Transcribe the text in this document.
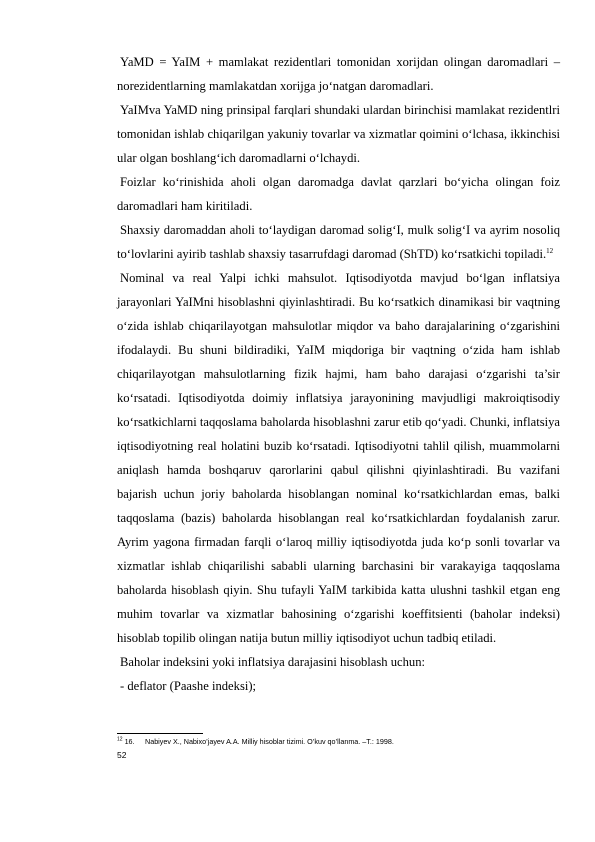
YaMD = YaIM + mamlakat rezidentlari tomonidan xorijdan olingan daromadlari – norezidentlarning mamlakatdan xorijga jo‘natgan daromadlari.

YaIMva YaMD ning prinsipal farqlari shundaki ulardan birinchisi mamlakat rezidentlri tomonidan ishlab chiqarilgan yakuniy tovarlar va xizmatlar qoimini o‘lchasa, ikkinchisi ular olgan boshlang‘ich daromadlarni o‘lchaydi.

Foizlar ko‘rinishida aholi olgan daromadga davlat qarzlari bo‘yicha olingan foiz daromadlari ham kiritiladi.

Shaxsiy daromaddan aholi to‘laydigan daromad solig‘I, mulk solig‘I va ayrim nosoliq to‘lovlarini ayirib tashlab shaxsiy tasarrufdagi daromad (ShTD) ko‘rsatkichi topiladi.$^{12}$

Nominal va real Yalpi ichki mahsulot. Iqtisodiyotda mavjud bo‘lgan inflatsiya jarayonlari YaIMni hisoblashni qiyinlashtiradi. Bu ko‘rsatkich dinamikasi bir vaqtning o‘zida ishlab chiqarilayotgan mahsulotlar miqdor va baho darajalarining o‘zgarishini ifodalaydi. Bu shuni bildiradiki, YaIM miqdoriga bir vaqtning o‘zida ham ishlab chiqarilayotgan mahsulotlarning fizik hajmi, ham baho darajasi o‘zgarishi ta’sir ko‘rsatadi. Iqtisodiyotda doimiy inflatsiya jarayonining mavjudligi makroiqtisodiy ko‘rsatkichlarni taqqoslama baholarda hisoblashni zarur etib qo‘yadi. Chunki, inflatsiya iqtisodiyotning real holatini buzib ko‘rsatadi. Iqtisodiyotni tahlil qilish, muammolarni aniqlash hamda boshqaruv qarorlarini qabul qilishni qiyinlashtiradi. Bu vazifani bajarish uchun joriy baholarda hisoblangan nominal ko‘rsatkichlardan emas, balki taqqoslama (bazis) baholarda hisoblangan real ko‘rsatkichlardan foydalanish zarur. Ayrim yagona firmadan farqli o‘laroq milliy iqtisodiyotda juda ko‘p sonli tovarlar va xizmatlar ishlab chiqarilishi sababli ularning barchasini bir varakayiga taqqoslama baholarda hisoblash qiyin. Shu tufayli YaIM tarkibida katta ulushni tashkil etgan eng muhim tovarlar va xizmatlar bahosining o‘zgarishi koeffitsienti (baholar indeksi) hisoblab topilib olingan natija butun milliy iqtisodiyot uchun tadbiq etiladi.

Baholar indeksini yoki inflatsiya darajasini hisoblash uchun:

- deflator (Paashe indeksi);

$^{12}$ 16. Nabiyev X., Nabixo’jayev A.A. Milliy hisoblar tizimi. O’kuv qo’llanma. –T.: 1998.
52
